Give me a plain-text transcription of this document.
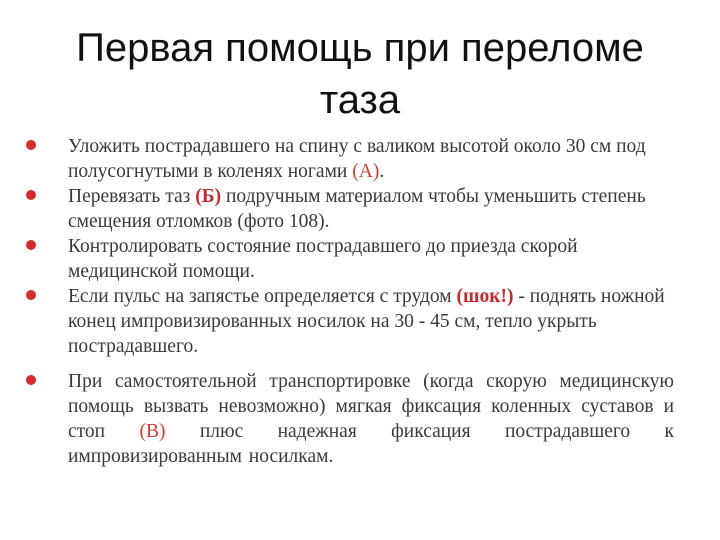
Первая помощь при переломе
таза
Уложить пострадавшего на спину с валиком высотой около 30 см под полусогнутыми в коленях ногами (А).
Перевязать таз (Б) подручным материалом чтобы уменьшить степень смещения отломков (фото 108).
Контролировать состояние пострадавшего до приезда скорой медицинской помощи.
Если пульс на запястье определяется с трудом (шок!) - поднять ножной конец импровизированных носилок на 30 - 45 см, тепло укрыть пострадавшего.
При самостоятельной транспортировке (когда скорую медицинскую помощь вызвать невозможно) мягкая фиксация коленных суставов и стоп (В) плюс надежная фиксация пострадавшего к импровизированным носилкам.
